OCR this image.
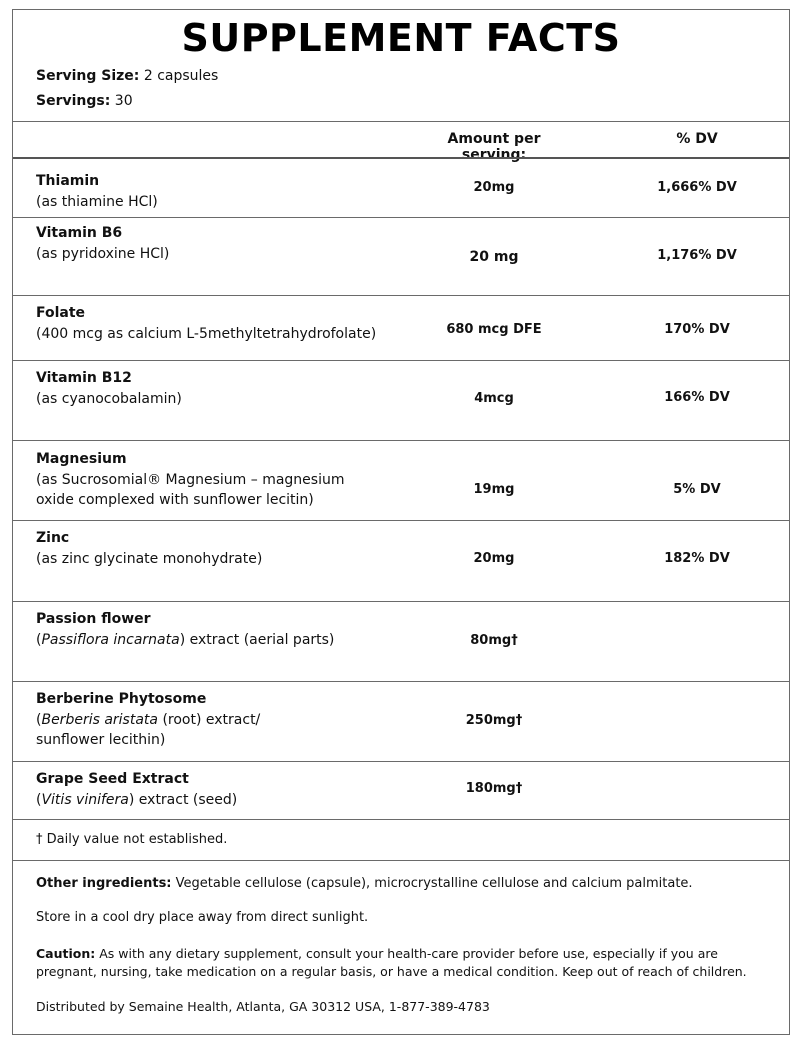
SUPPLEMENT FACTS
Serving Size: 2 capsules
Servings: 30
Amount per serving:
% DV
Thiamin
(as thiamine HCl)
20mg	1,666% DV
Vitamin B6
(as pyridoxine HCl)	20 mg	1,176% DV
Folate
(400 mcg as calcium L-5methyltetrahydrofolate)	680 mcg DFE	170% DV
Vitamin B12
(as cyanocobalamin)	4mcg	166% DV
Magnesium
(as Sucrosomial® Magnesium – magnesium oxide complexed with sunflower lecitin)
19mg	5% DV
Zinc
(as zinc glycinate monohydrate)	20mg	182% DV
Passion flower
(Passiflora incarnata) extract (aerial parts)	80mg†
Berberine Phytosome
(Berberis aristata (root) extract/ sunflower lecithin)
250mg†
Grape Seed Extract
(Vitis vinifera) extract (seed)
180mg†
† Daily value not established.
Other ingredients: Vegetable cellulose (capsule), microcrystalline cellulose and calcium palmitate.
Store in a cool dry place away from direct sunlight.
Caution: As with any dietary supplement, consult your health-care provider before use, especially if you are pregnant, nursing, take medication on a regular basis, or have a medical condition. Keep out of reach of children.
Distributed by Semaine Health, Atlanta, GA 30312 USA, 1-877-389-4783
